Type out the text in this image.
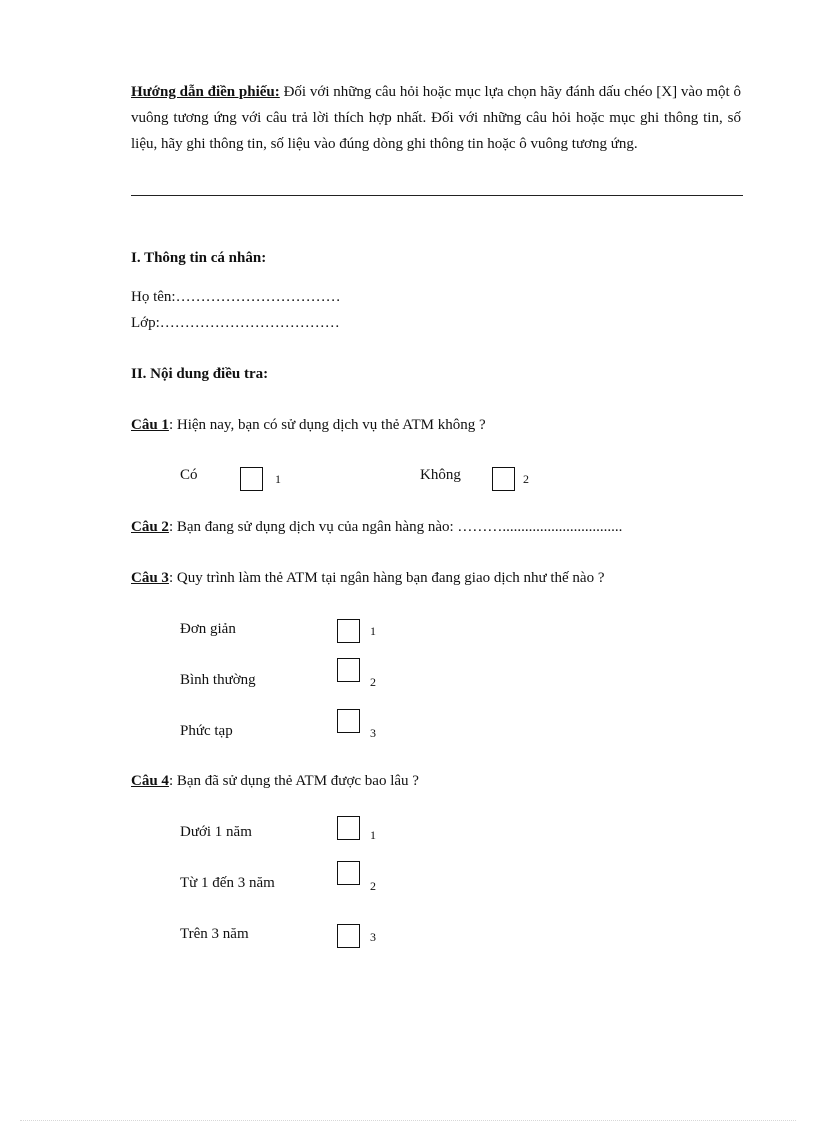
Hướng dẫn điền phiếu: Đối với những câu hỏi hoặc mục lựa chọn hãy đánh dấu chéo [X] vào một ô vuông tương ứng với câu trả lời thích hợp nhất. Đối với những câu hỏi hoặc mục ghi thông tin, số liệu, hãy ghi thông tin, số liệu vào đúng dòng ghi thông tin hoặc ô vuông tương ứng.
I. Thông tin cá nhân:
Họ tên:……………………………
Lớp:………………………………
II. Nội dung điều tra:
Câu 1: Hiện nay, bạn có sử dụng dịch vụ thẻ ATM không ?
Có	1	Không	2
Câu 2: Bạn đang sử dụng dịch vụ của ngân hàng nào: ………................................
Câu 3: Quy trình làm thẻ ATM tại ngân hàng bạn đang giao dịch như thế nào ?
Đơn giản	1
Bình thường	2
Phức tạp	3
Câu 4: Bạn đã sử dụng thẻ ATM được bao lâu ?
Dưới 1 năm	1
Từ 1 đến 3 năm	2
Trên 3 năm	3
